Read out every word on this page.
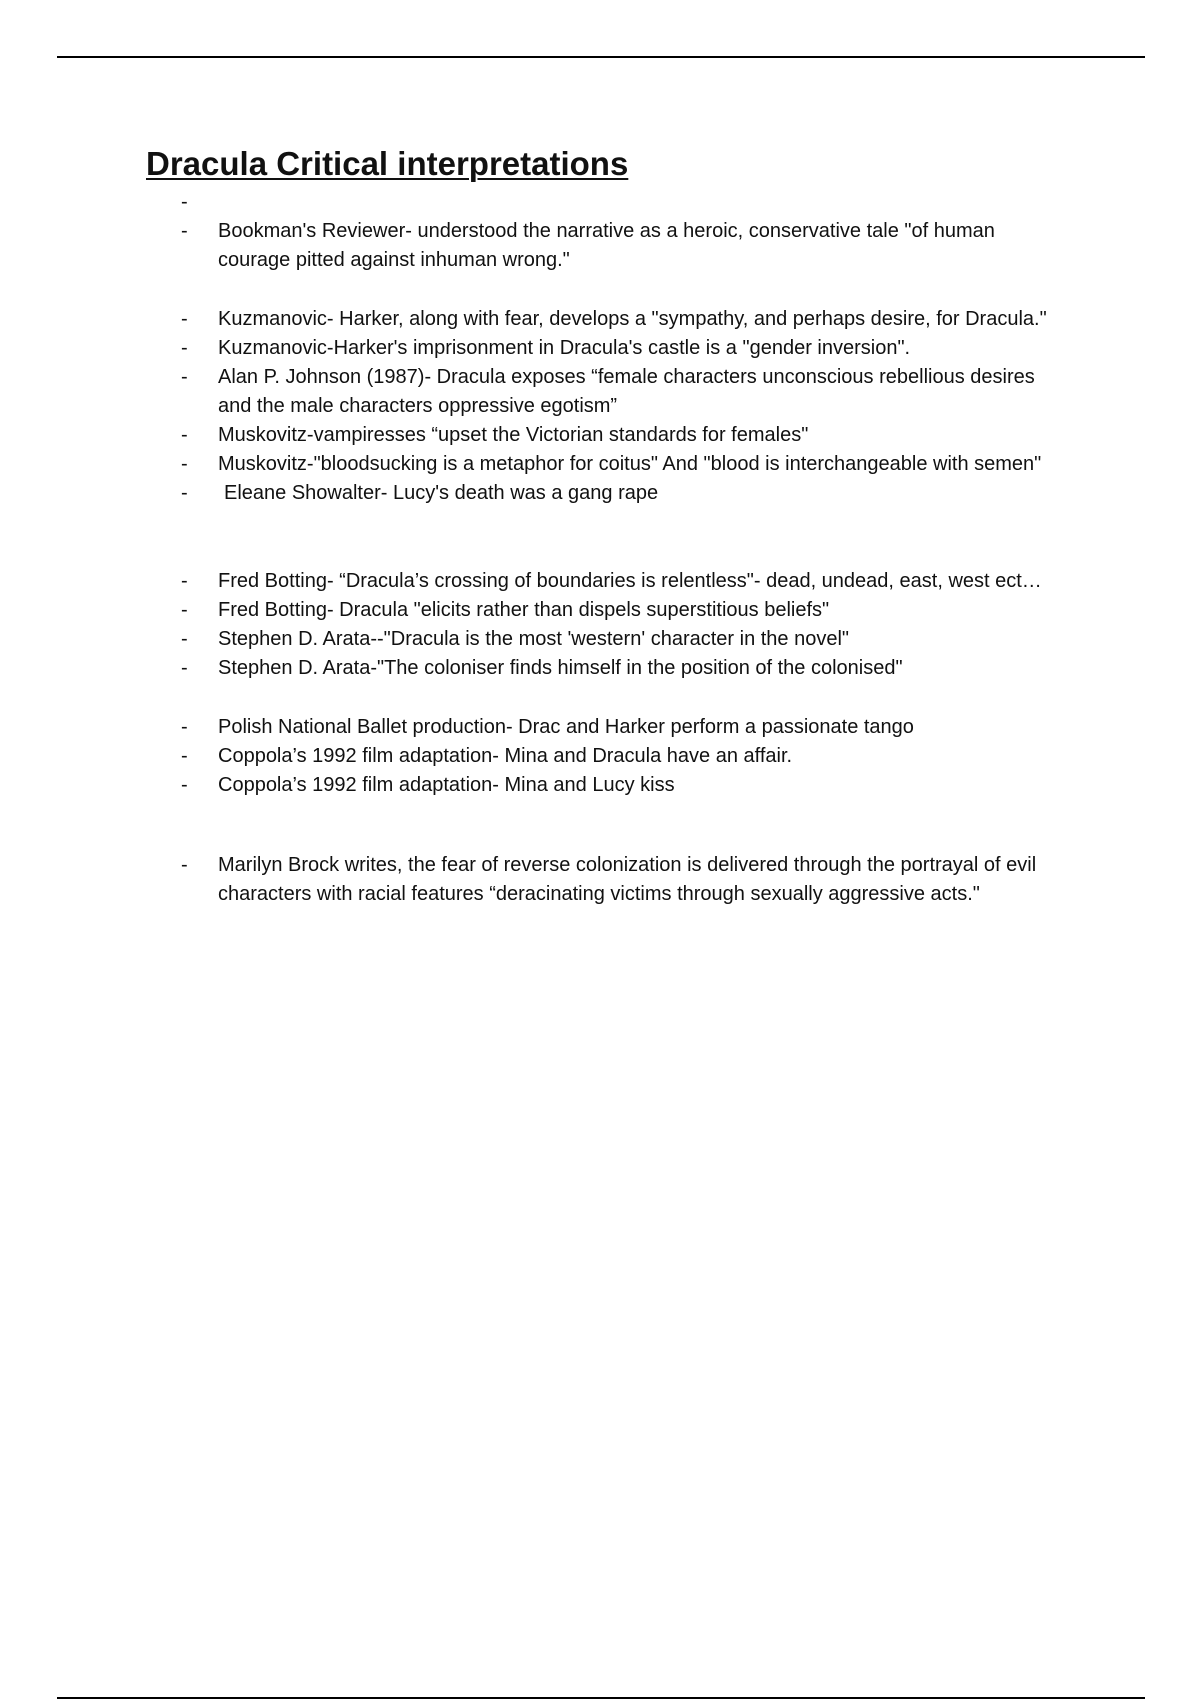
Dracula Critical interpretations
-
-	Bookman's Reviewer- understood the narrative as a heroic, conservative tale "of human courage pitted against inhuman wrong."
-	Kuzmanovic- Harker, along with fear, develops a "sympathy, and perhaps desire, for Dracula."
-	Kuzmanovic-Harker's imprisonment in Dracula's castle is a "gender inversion".
-	Alan P. Johnson (1987)- Dracula exposes “female characters unconscious rebellious desires and the male characters oppressive egotism”
-	Muskovitz-vampiresses “upset the Victorian standards for females"
-	Muskovitz-"bloodsucking is a metaphor for coitus" And "blood is interchangeable with semen"
-	Eleane Showalter- Lucy's death was a gang rape
-	Fred Botting- “Dracula’s crossing of boundaries is relentless"- dead, undead, east, west ect…
-	Fred Botting- Dracula "elicits rather than dispels superstitious beliefs"
-	Stephen D. Arata--"Dracula is the most 'western' character in the novel"
-	Stephen D. Arata-"The coloniser finds himself in the position of the colonised"
-	Polish National Ballet production- Drac and Harker perform a passionate tango
-	Coppola’s 1992 film adaptation- Mina and Dracula have an affair.
-	Coppola’s 1992 film adaptation- Mina and Lucy kiss
-	Marilyn Brock writes, the fear of reverse colonization is delivered through the portrayal of evil characters with racial features “deracinating victims through sexually aggressive acts."
